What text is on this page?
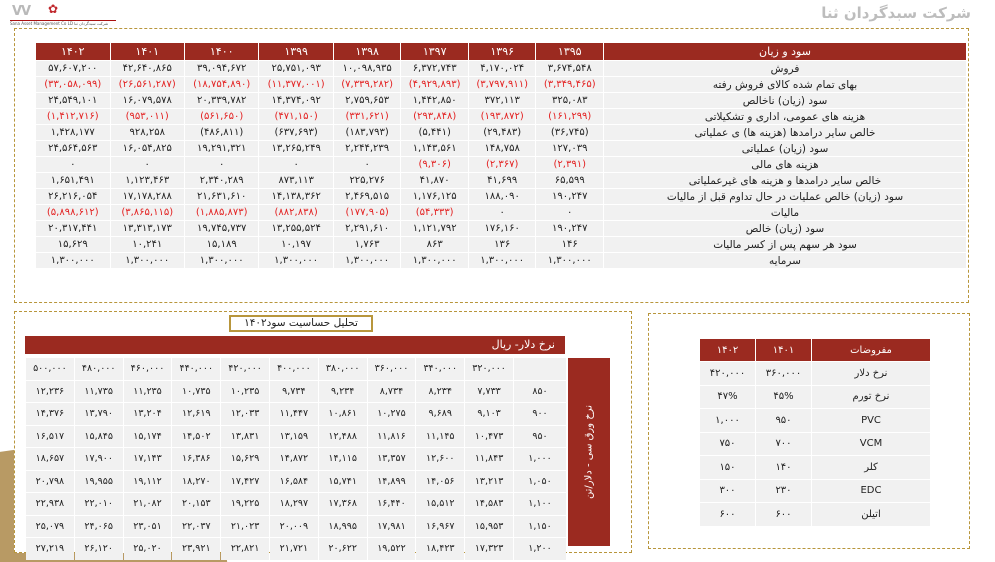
VV ✿
Sana Asset Management Co LD شرکت سبدگردان ثنا
شرکت سبدگردان ثنا
سود و زیان	۱۳۹۵	۱۳۹۶	۱۳۹۷	۱۳۹۸	۱۳۹۹	۱۴۰۰	۱۴۰۱	۱۴۰۲
فروش	۳,۶۷۴,۵۴۸	۴,۱۷۰,۰۲۴	۶,۳۷۲,۷۴۳	۱۰,۰۹۸,۹۳۵	۲۵,۷۵۱,۰۹۳	۳۹,۰۹۴,۶۷۲	۴۲,۶۴۰,۸۶۵	۵۷,۶۰۷,۲۰۰
بهای تمام شده کالای فروش رفته	(۳,۳۴۹,۴۶۵)	(۳,۷۹۷,۹۱۱)	(۴,۹۲۹,۸۹۳)	(۷,۳۳۹,۲۸۲)	(۱۱,۳۷۷,۰۰۱)	(۱۸,۷۵۴,۸۹۰)	(۲۶,۵۶۱,۲۸۷)	(۳۳,۰۵۸,۰۹۹)
سود (زیان) ناخالص	۳۲۵,۰۸۳	۳۷۲,۱۱۳	۱,۴۴۲,۸۵۰	۲,۷۵۹,۶۵۳	۱۴,۳۷۴,۰۹۲	۲۰,۳۳۹,۷۸۲	۱۶,۰۷۹,۵۷۸	۲۴,۵۴۹,۱۰۱
هزینه های عمومی، اداری و تشکیلاتی	(۱۶۱,۲۹۹)	(۱۹۳,۸۷۲)	(۲۹۳,۸۴۸)	(۳۳۱,۶۲۱)	(۴۷۱,۱۵۰)	(۵۶۱,۶۵۰)	(۹۵۳,۰۱۱)	(۱,۴۱۲,۷۱۶)
خالص سایر درامدها (هزینه ها) ی عملیاتی	(۳۶,۷۴۵)	(۲۹,۴۸۳)	(۵,۴۴۱)	(۱۸۳,۷۹۳)	(۶۳۷,۶۹۳)	(۴۸۶,۸۱۱)	۹۲۸,۲۵۸	۱,۴۲۸,۱۷۷
سود (زیان) عملیاتی	۱۲۷,۰۳۹	۱۴۸,۷۵۸	۱,۱۴۳,۵۶۱	۲,۲۴۴,۲۳۹	۱۳,۲۶۵,۲۴۹	۱۹,۲۹۱,۳۲۱	۱۶,۰۵۴,۸۲۵	۲۴,۵۶۴,۵۶۳
هزینه های مالی	(۲,۳۹۱)	(۲,۳۶۷)	(۹,۳۰۶)	۰	۰	۰	۰	۰
خالص سایر درامدها و هزینه های غیرعملیاتی	۶۵,۵۹۹	۴۱,۶۹۹	۴۱,۸۷۰	۲۲۵,۲۷۶	۸۷۳,۱۱۳	۲,۳۴۰,۲۸۹	۱,۱۲۳,۴۶۳	۱,۶۵۱,۴۹۱
سود (زیان) خالص عملیات در حال تداوم قبل از مالیات	۱۹۰,۲۴۷	۱۸۸,۰۹۰	۱,۱۷۶,۱۲۵	۲,۴۶۹,۵۱۵	۱۴,۱۳۸,۳۶۲	۲۱,۶۳۱,۶۱۰	۱۷,۱۷۸,۲۸۸	۲۶,۲۱۶,۰۵۴
مالیات	۰	۰	(۵۴,۳۳۳)	(۱۷۷,۹۰۵)	(۸۸۲,۸۳۸)	(۱,۸۸۵,۸۷۳)	(۳,۸۶۵,۱۱۵)	(۵,۸۹۸,۶۱۲)
سود (زیان) خالص	۱۹۰,۲۴۷	۱۷۶,۱۶۰	۱,۱۲۱,۷۹۲	۲,۲۹۱,۶۱۰	۱۳,۲۵۵,۵۲۴	۱۹,۷۴۵,۷۳۷	۱۳,۳۱۳,۱۷۳	۲۰,۳۱۷,۴۴۱
سود هر سهم پس از کسر مالیات	۱۴۶	۱۳۶	۸۶۳	۱,۷۶۳	۱۰,۱۹۷	۱۵,۱۸۹	۱۰,۲۴۱	۱۵,۶۲۹
سرمایه	۱,۳۰۰,۰۰۰	۱,۳۰۰,۰۰۰	۱,۳۰۰,۰۰۰	۱,۳۰۰,۰۰۰	۱,۳۰۰,۰۰۰	۱,۳۰۰,۰۰۰	۱,۳۰۰,۰۰۰	۱,۳۰۰,۰۰۰
تحلیل حساسیت سود۱۴۰۲
نرخ دلار- ریال
۵۰۰,۰۰۰	۴۸۰,۰۰۰	۴۶۰,۰۰۰	۴۴۰,۰۰۰	۴۲۰,۰۰۰	۴۰۰,۰۰۰	۳۸۰,۰۰۰	۳۶۰,۰۰۰	۳۴۰,۰۰۰	۳۲۰,۰۰۰	
۱۲,۲۳۶	۱۱,۷۳۵	۱۱,۲۳۵	۱۰,۷۳۵	۱۰,۲۳۵	۹,۷۳۴	۹,۲۳۴	۸,۷۳۴	۸,۲۳۴	۷,۷۳۳	۸۵۰
۱۴,۳۷۶	۱۳,۷۹۰	۱۳,۲۰۴	۱۲,۶۱۹	۱۲,۰۳۳	۱۱,۴۴۷	۱۰,۸۶۱	۱۰,۲۷۵	۹,۶۸۹	۹,۱۰۳	۹۰۰
۱۶,۵۱۷	۱۵,۸۴۵	۱۵,۱۷۴	۱۴,۵۰۲	۱۳,۸۳۱	۱۳,۱۵۹	۱۲,۴۸۸	۱۱,۸۱۶	۱۱,۱۴۵	۱۰,۴۷۳	۹۵۰
۱۸,۶۵۷	۱۷,۹۰۰	۱۷,۱۴۳	۱۶,۳۸۶	۱۵,۶۲۹	۱۴,۸۷۲	۱۴,۱۱۵	۱۳,۳۵۷	۱۲,۶۰۰	۱۱,۸۴۳	۱,۰۰۰
۲۰,۷۹۸	۱۹,۹۵۵	۱۹,۱۱۲	۱۸,۲۷۰	۱۷,۴۲۷	۱۶,۵۸۴	۱۵,۷۴۱	۱۴,۸۹۹	۱۴,۰۵۶	۱۳,۲۱۳	۱,۰۵۰
۲۲,۹۳۸	۲۲,۰۱۰	۲۱,۰۸۲	۲۰,۱۵۳	۱۹,۲۲۵	۱۸,۲۹۷	۱۷,۳۶۸	۱۶,۴۴۰	۱۵,۵۱۲	۱۴,۵۸۳	۱,۱۰۰
۲۵,۰۷۹	۲۴,۰۶۵	۲۳,۰۵۱	۲۲,۰۳۷	۲۱,۰۲۳	۲۰,۰۰۹	۱۸,۹۹۵	۱۷,۹۸۱	۱۶,۹۶۷	۱۵,۹۵۳	۱,۱۵۰
۲۷,۲۱۹	۲۶,۱۲۰	۲۵,۰۲۰	۲۳,۹۲۱	۲۲,۸۲۱	۲۱,۷۲۱	۲۰,۶۲۲	۱۹,۵۲۲	۱۸,۴۲۳	۱۷,۳۲۳	۱,۲۰۰
نرخ ورق سی - دلار/تن
مفروضات	۱۴۰۱	۱۴۰۲
نرخ دلار	۳۶۰,۰۰۰	۴۲۰,۰۰۰
نرخ تورم	۴۵%	۴۷%
PVC	۹۵۰	۱,۰۰۰
VCM	۷۰۰	۷۵۰
کلر	۱۴۰	۱۵۰
EDC	۲۳۰	۳۰۰
اتیلن	۶۰۰	۶۰۰
